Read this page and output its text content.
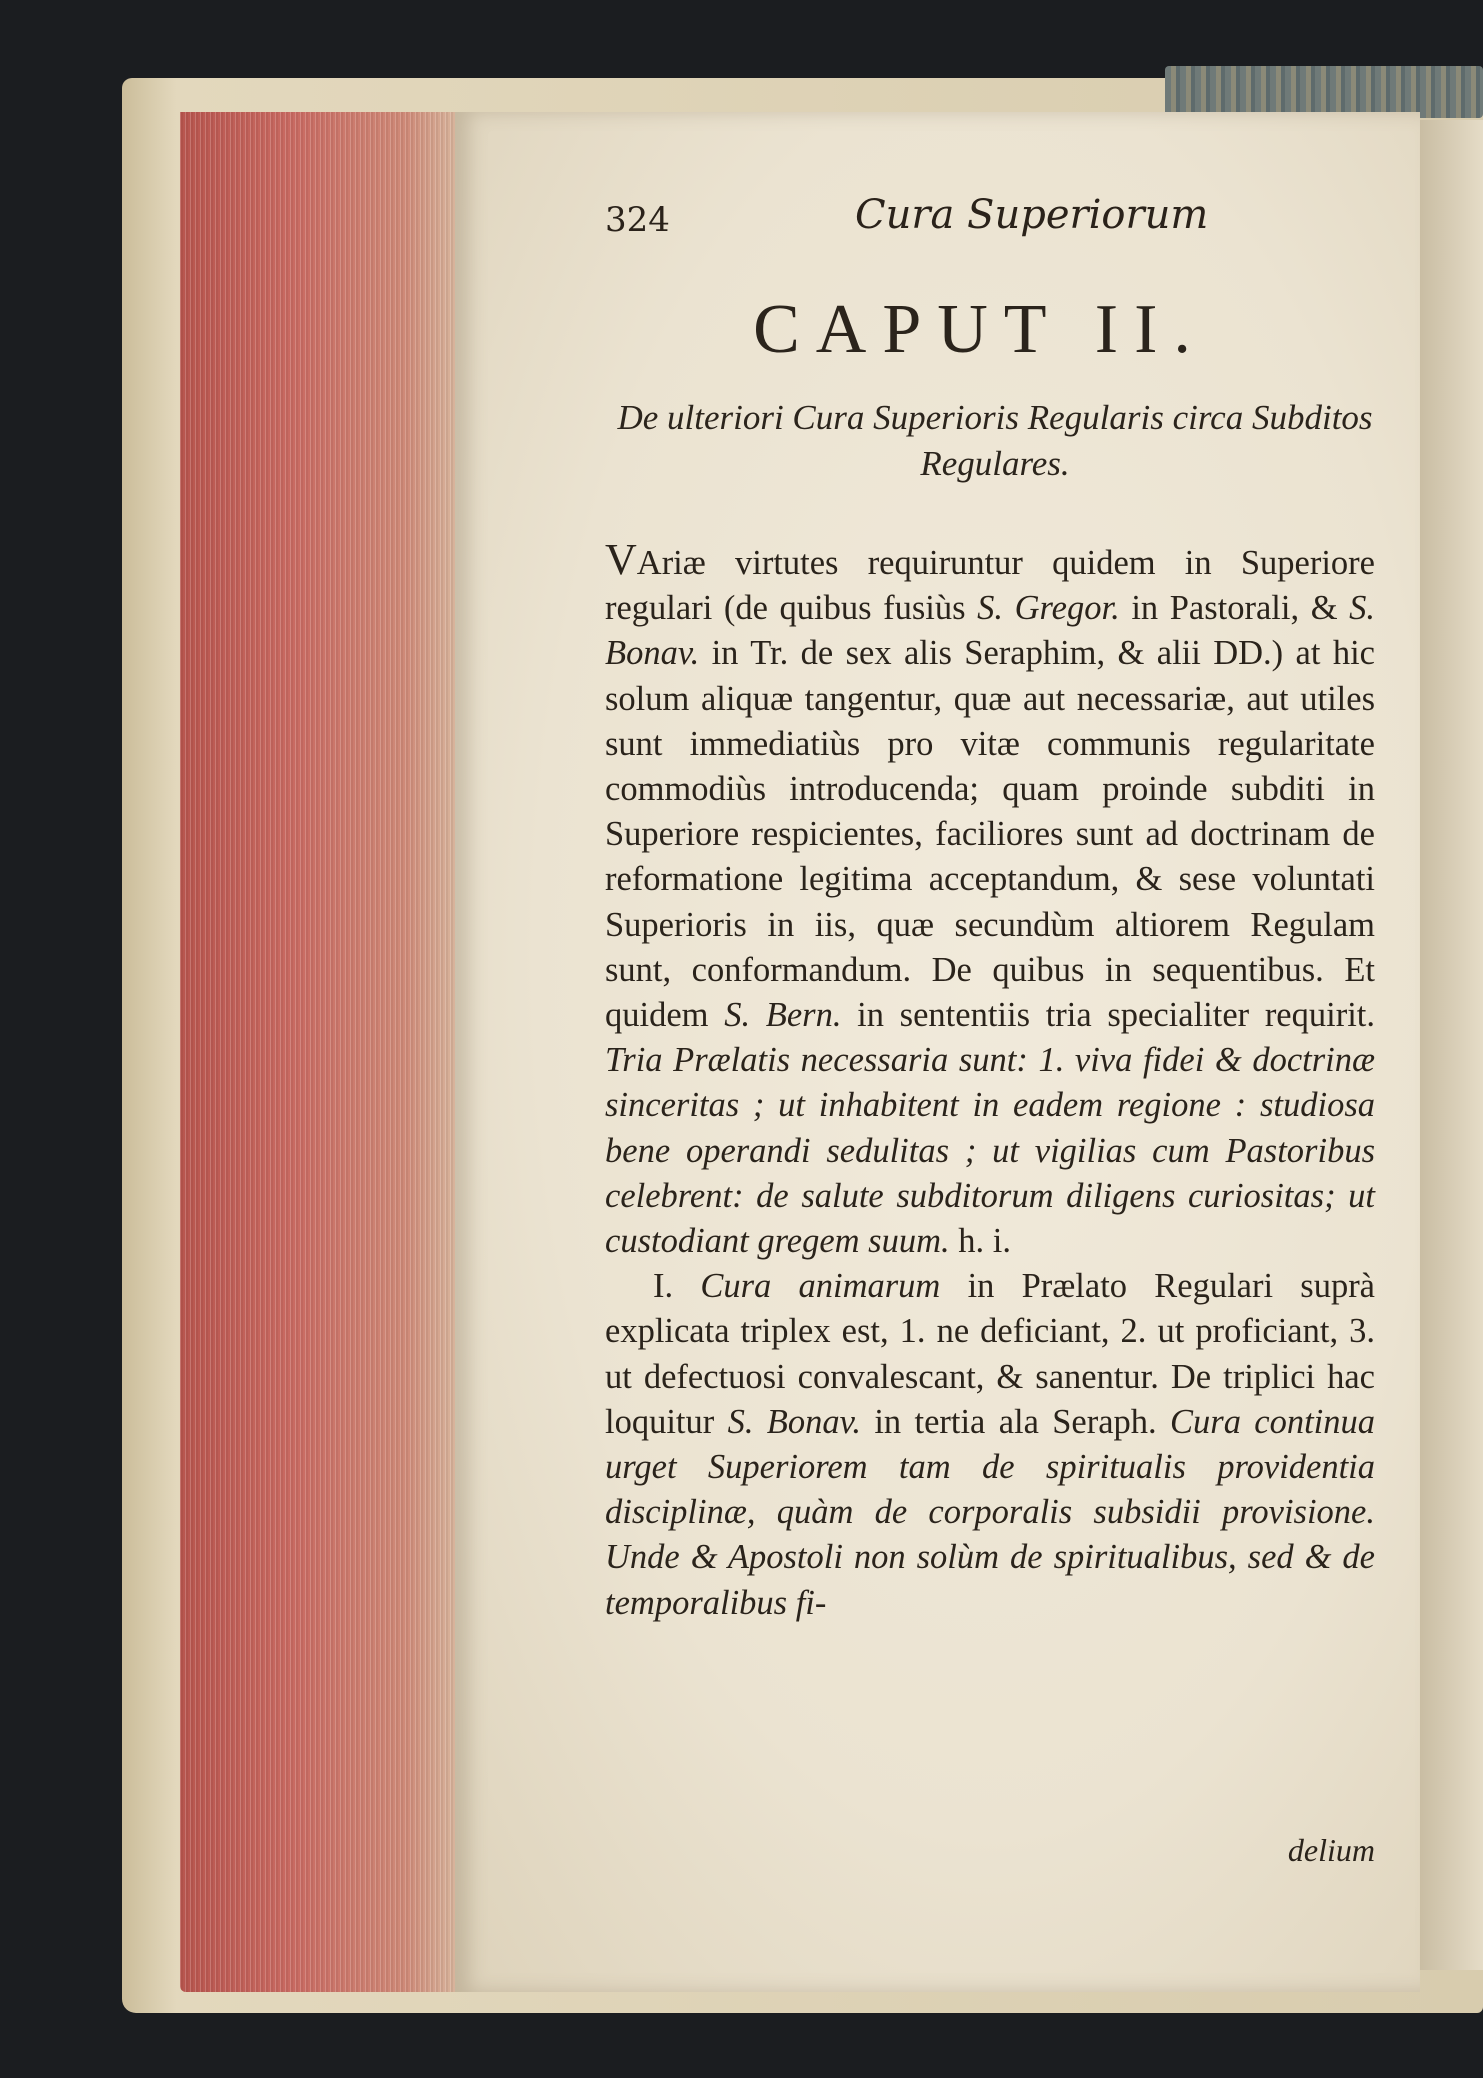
324	Cura Superiorum
CAPUT II.
De ulteriori Cura Superioris Regularis circa Subditos Regulares.

VAriæ virtutes requiruntur quidem in Superiore regulari (de quibus fusiùs S. Gregor. in Pastorali, & S. Bonav. in Tr. de sex alis Seraphim, & alii DD.) at hic solum aliquæ tangentur, quæ aut necessariæ, aut utiles sunt immediatiùs pro vitæ communis regularitate commodiùs introducenda; quam proinde subditi in Superiore respicientes, faciliores sunt ad doctrinam de reformatione legitima acceptandum, & sese voluntati Superioris in iis, quæ secundùm altiorem Regulam sunt, conformandum. De quibus in sequentibus. Et quidem S. Bern. in sententiis tria specialiter requirit. Tria Prælatis necessaria sunt: 1. viva fidei & doctrinæ sinceritas ; ut inhabitent in eadem regione : studiosa bene operandi sedulitas ; ut vigilias cum Pastoribus celebrent: de salute subditorum diligens curiositas; ut custodiant gregem suum. h. i.

I. Cura animarum in Prælato Regulari suprà explicata triplex est, 1. ne deficiant, 2. ut proficiant, 3. ut defectuosi convalescant, & sanentur. De triplici hac loquitur S. Bonav. in tertia ala Seraph. Cura continua urget Superiorem tam de spiritualis providentia disciplinæ, quàm de corporalis subsidii provisione. Unde & Apostoli non solùm de spiritualibus, sed & de temporalibus fi-

delium
